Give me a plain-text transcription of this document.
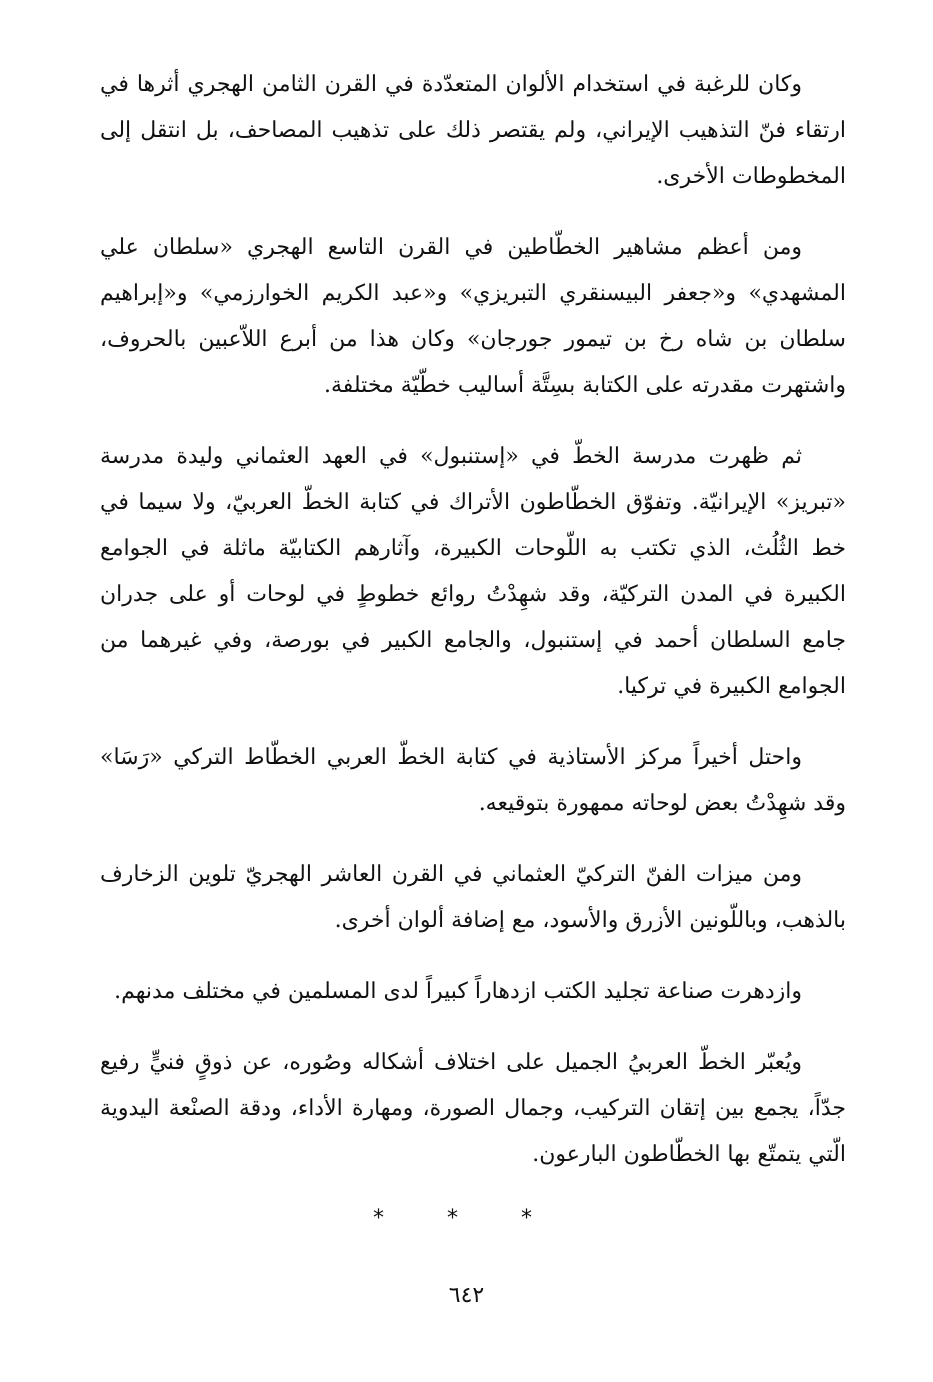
وكان للرغبة في استخدام الألوان المتعدّدة في القرن الثامن الهجري أثرها في ارتقاء فنّ التذهيب الإيراني، ولم يقتصر ذلك على تذهيب المصاحف، بل انتقل إلى المخطوطات الأخرى.

ومن أعظم مشاهير الخطّاطين في القرن التاسع الهجري «سلطان علي المشهدي» و«جعفر البيسنقري التبريزي» و«عبد الكريم الخوارزمي» و«إبراهيم سلطان بن شاه رخ بن تيمور جورجان» وكان هذا من أبرع اللاّعبين بالحروف، واشتهرت مقدرته على الكتابة بسِتَّة أساليب خطّيّة مختلفة.

ثم ظهرت مدرسة الخطّ في «إستنبول» في العهد العثماني وليدة مدرسة «تبريز» الإيرانيّة. وتفوّق الخطّاطون الأتراك في كتابة الخطّ العربيّ، ولا سيما في خط الثُلُث، الذي تكتب به اللّوحات الكبيرة، وآثارهم الكتابيّة ماثلة في الجوامع الكبيرة في المدن التركيّة، وقد شهِدْتُ روائع خطوطٍ في لوحات أو على جدران جامع السلطان أحمد في إستنبول، والجامع الكبير في بورصة، وفي غيرهما من الجوامع الكبيرة في تركيا.

واحتل أخيراً مركز الأستاذية في كتابة الخطّ العربي الخطّاط التركي «رَسَا» وقد شهِدْتُ بعض لوحاته ممهورة بتوقيعه.

ومن ميزات الفنّ التركيّ العثماني في القرن العاشر الهجريّ تلوين الزخارف بالذهب، وباللّونين الأزرق والأسود، مع إضافة ألوان أخرى.

وازدهرت صناعة تجليد الكتب ازدهاراً كبيراً لدى المسلمين في مختلف مدنهم.

ويُعبّر الخطّ العربيُ الجميل على اختلاف أشكاله وصُوره، عن ذوقٍ فنيٍّ رفيع جدّاً، يجمع بين إتقان التركيب، وجمال الصورة، ومهارة الأداء، ودقة الصنْعة اليدوية الّتي يتمتّع بها الخطّاطون البارعون.

* * *
٦٤٢
